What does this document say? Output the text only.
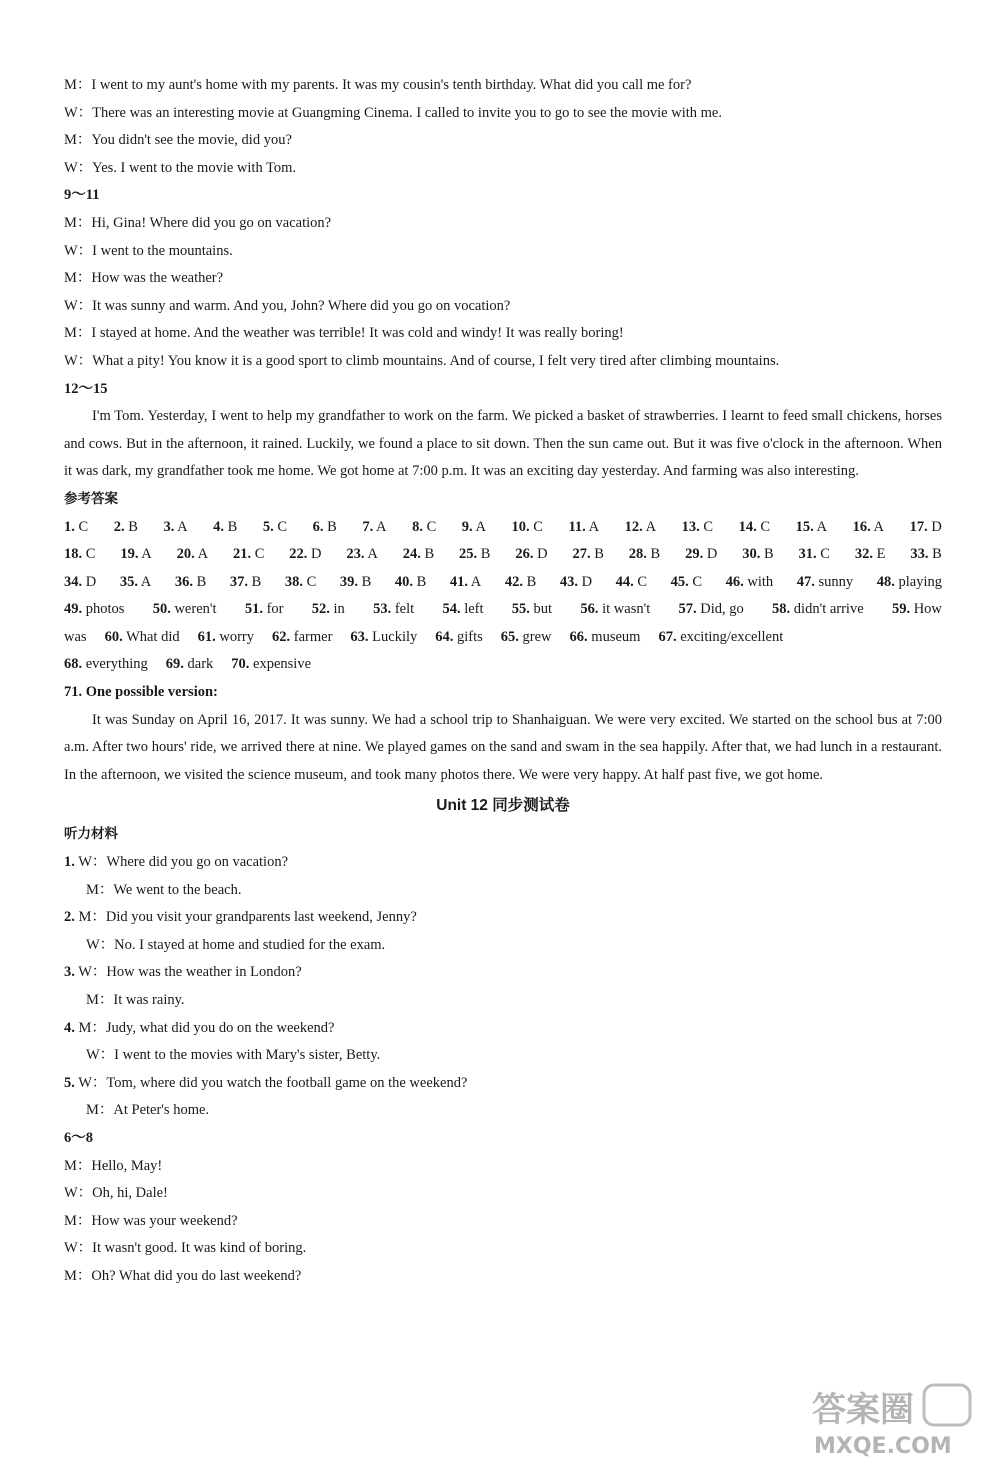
M：I went to my aunt's home with my parents. It was my cousin's tenth birthday. What did you call me for?

W：There was an interesting movie at Guangming Cinema. I called to invite you to go to see the movie with me.

M：You didn't see the movie, did you?

W：Yes. I went to the movie with Tom.

9～11

M：Hi, Gina! Where did you go on vacation?

W：I went to the mountains.

M：How was the weather?

W：It was sunny and warm. And you, John? Where did you go on vocation?

M：I stayed at home. And the weather was terrible! It was cold and windy! It was really boring!

W：What a pity! You know it is a good sport to climb mountains. And of course, I felt very tired after climbing mountains.

12～15

I'm Tom. Yesterday, I went to help my grandfather to work on the farm. We picked a basket of strawberries. I learnt to feed small chickens, horses and cows. But in the afternoon, it rained. Luckily, we found a place to sit down. Then the sun came out. But it was five o'clock in the afternoon. When it was dark, my grandfather took me home. We got home at 7:00 p.m. It was an exciting day yesterday. And farming was also interesting.

参考答案

1. C 2. B 3. A 4. B 5. C 6. B 7. A 8. C 9. A 10. C 11. A 12. A 13. C 14. C 15. A 16. A 17. D

18. C 19. A 20. A 21. C 22. D 23. A 24. B 25. B 26. D 27. B 28. B 29. D 30. B 31. C 32. E 33. B

34. D 35. A 36. B 37. B 38. C 39. B 40. B 41. A 42. B 43. D 44. C 45. C 46. with 47. sunny 48. playing

49. photos 50. weren't 51. for 52. in 53. felt 54. left 55. but 56. it wasn't 57. Did, go 58. didn't arrive 59. How

was 60. What did 61. worry 62. farmer 63. Luckily 64. gifts 65. grew 66. museum 67. exciting/excellent

68. everything 69. dark 70. expensive

71. One possible version:

It was Sunday on April 16, 2017. It was sunny. We had a school trip to Shanhaiguan. We were very excited. We started on the school bus at 7:00 a.m. After two hours' ride, we arrived there at nine. We played games on the sand and swam in the sea happily. After that, we had lunch in a restaurant. In the afternoon, we visited the science museum, and took many photos there. We were very happy. At half past five, we got home.

Unit 12 同步测试卷

听力材料

1. W：Where did you go on vacation?

M：We went to the beach.

2. M：Did you visit your grandparents last weekend, Jenny?

W：No. I stayed at home and studied for the exam.

3. W：How was the weather in London?

M：It was rainy.

4. M：Judy, what did you do on the weekend?

W：I went to the movies with Mary's sister, Betty.

5. W：Tom, where did you watch the football game on the weekend?

M：At Peter's home.

6～8

M：Hello, May!

W：Oh, hi, Dale!

M：How was your weekend?

W：It wasn't good. It was kind of boring.

M：Oh? What did you do last weekend?

答案圈
MXQE.COM
